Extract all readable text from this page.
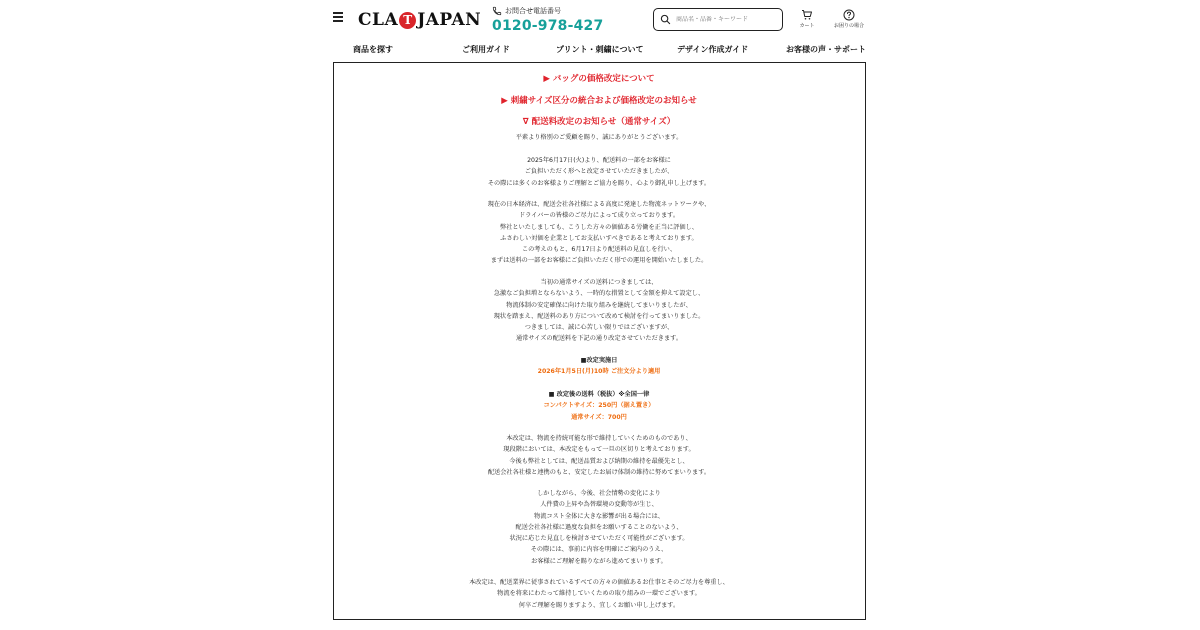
CLA T JAPAN	お問合せ電話番号
0120-978-427
商品名・品番・キーワード	カート	お困りの場合
商品を探す	ご利用ガイド	プリント・刺繍について	デザイン作成ガイド	お客様の声・サポート
▶ バッグの価格改定について
▶ 刺繍サイズ区分の統合および価格改定のお知らせ
∇ 配送料改定のお知らせ（通常サイズ）
平素より格別のご愛顧を賜り、誠にありがとうございます。
2025年6月17日(火)より、配送料の一部をお客様に
ご負担いただく形へと改定させていただきましたが、
その際には多くのお客様よりご理解とご協力を賜り、心より御礼申し上げます。
現在の日本経済は、配送会社各社様による高度に発達した物流ネットワークや、
ドライバーの皆様のご尽力によって成り立っております。
弊社といたしましても、こうした方々の価値ある労働を正当に評価し、
ふさわしい対価を企業としてお支払いすべきであると考えております。
この考えのもと、6月17日より配送料の見直しを行い、
まずは送料の一部をお客様にご負担いただく形での運用を開始いたしました。
当初の通常サイズの送料につきましては、
急激なご負担増とならないよう、一時的な措置として金額を抑えて設定し、
物流体制の安定確保に向けた取り組みを継続してまいりましたが、
現状を踏まえ、配送料のあり方について改めて検討を行ってまいりました。
つきましては、誠に心苦しい限りではございますが、
通常サイズの配送料を下記の通り改定させていただきます。
■改定実施日
2026年1月5日(月)10時 ご注文分より適用
■ 改定後の送料（税抜）※全国一律
コンパクトサイズ：250円（据え置き）
通常サイズ：700円
本改定は、物流を持続可能な形で維持していくためのものであり、
現段階においては、本改定をもって一旦の区切りと考えております。
今後も弊社としては、配送品質および納期の維持を最優先とし、
配送会社各社様と連携のもと、安定したお届け体制の維持に努めてまいります。
しかしながら、今後、社会情勢の変化により
人件費の上昇や為替環境の変動等が生じ、
物流コスト全体に大きな影響が出る場合には、
配送会社各社様に過度な負担をお願いすることのないよう、
状況に応じた見直しを検討させていただく可能性がございます。
その際には、事前に内容を明確にご案内のうえ、
お客様にご理解を賜りながら進めてまいります。
本改定は、配送業界に従事されているすべての方々の価値あるお仕事とそのご尽力を尊重し、
物流を将来にわたって維持していくための取り組みの一環でございます。
何卒ご理解を賜りますよう、宜しくお願い申し上げます。
